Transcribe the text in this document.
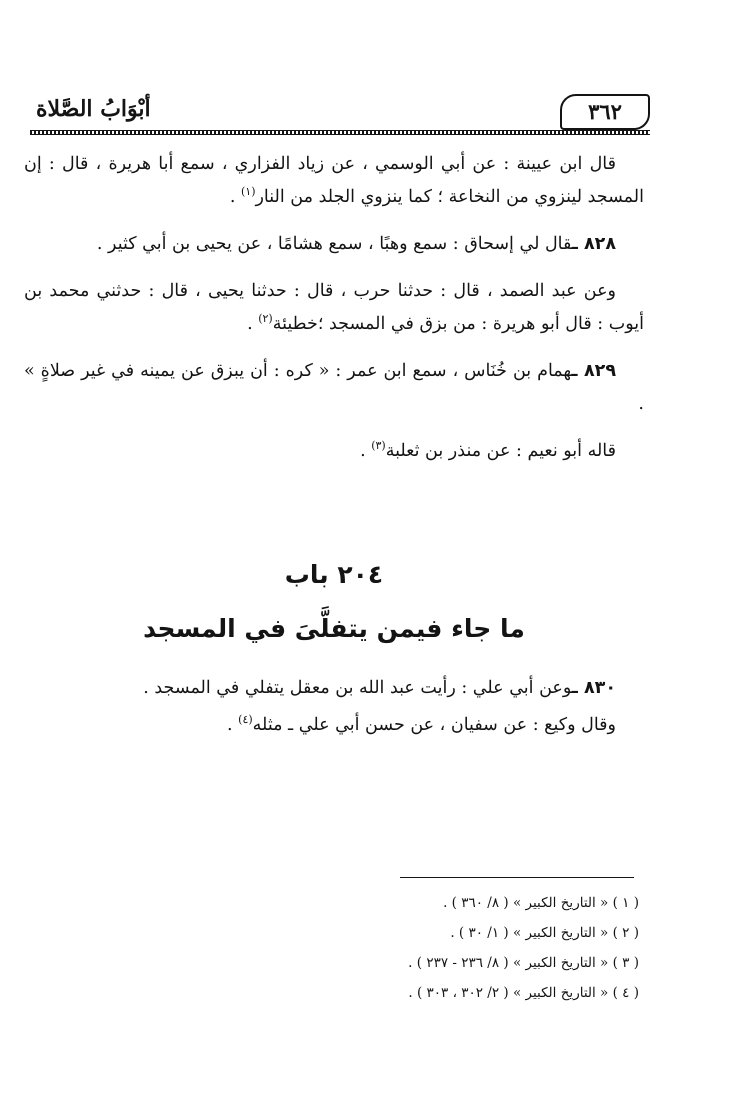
أبْوَابُ الصَّلاة	٣٦٢

قال ابن عيينة : عن أبي الوسمي ، عن زياد الفزاري ، سمع أبا هريرة ، قال : إن المسجد لينزوي من النخاعة ؛ كما ينزوي الجلد من النار$^{(١)}$ .

٨٢٨ ـقال لي إسحاق : سمع وهبًا ، سمع هشامًا ، عن يحيى بن أبي كثير .

وعن عبد الصمد ، قال : حدثنا حرب ، قال : حدثنا يحيى ، قال : حدثني محمد بن أيوب : قال أبو هريرة : من بزق في المسجد ؛خطيئة$^{(٢)}$ .

٨٢٩ ـهمام بن خُنَاس ، سمع ابن عمر : « كره : أن يبزق عن يمينه في غير صلاةٍ » .

قاله أبو نعيم : عن منذر بن ثعلبة$^{(٣)}$ .

٢٠٤ باب
ما جاء فيمن يتفلَّىَ في المسجد

٨٣٠ ـوعن أبي علي : رأيت عبد الله بن معقل يتفلي في المسجد .

وقال وكيع : عن سفيان ، عن حسن أبي علي ـ مثله$^{(٤)}$ .

( ١ ) « التاريخ الكبير » ( ٨/ ٣٦٠ ) .
( ٢ ) « التاريخ الكبير » ( ١/ ٣٠ ) .
( ٣ ) « التاريخ الكبير » ( ٨/ ٢٣٦ - ٢٣٧ ) .
( ٤ ) « التاريخ الكبير » ( ٢/ ٣٠٢ ، ٣٠٣ ) .
